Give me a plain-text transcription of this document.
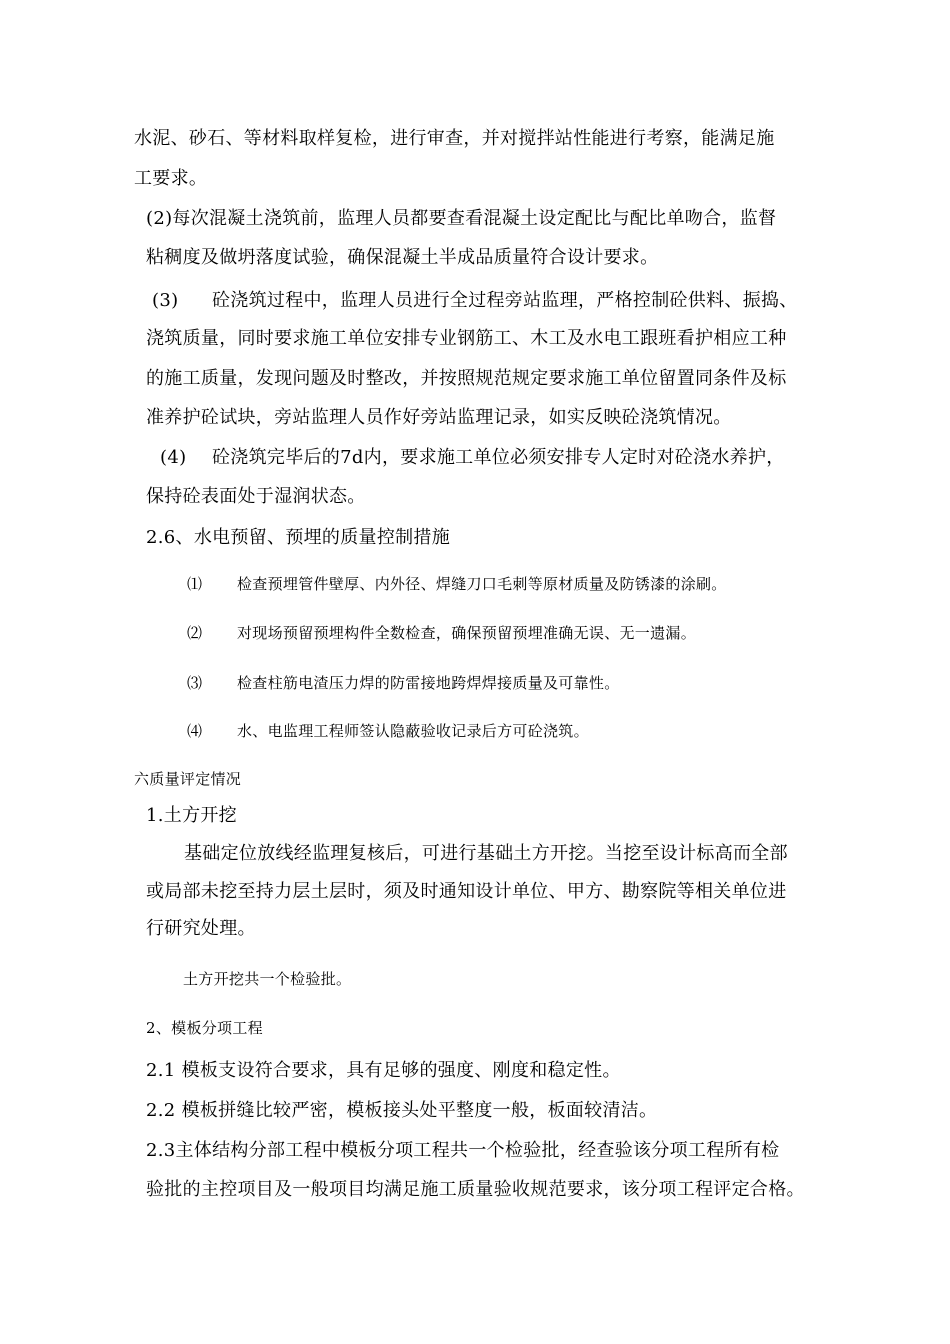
水泥、砂石、等材料取样复检，进行审查，并对搅拌站性能进行考察，能满足施
工要求。
(2)每次混凝土浇筑前，监理人员都要查看混凝土设定配比与配比单吻合，监督
粘稠度及做坍落度试验，确保混凝土半成品质量符合设计要求。
(3) 砼浇筑过程中，监理人员进行全过程旁站监理，严格控制砼供料、振捣、
浇筑质量，同时要求施工单位安排专业钢筋工、木工及水电工跟班看护相应工种
的施工质量，发现问题及时整改，并按照规范规定要求施工单位留置同条件及标
准养护砼试块，旁站监理人员作好旁站监理记录，如实反映砼浇筑情况。
(4) 砼浇筑完毕后的7d内，要求施工单位必须安排专人定时对砼浇水养护，
保持砼表面处于湿润状态。
2.6、水电预留、预埋的质量控制措施
⑴ 检查预埋管件壁厚、内外径、焊缝刀口毛刺等原材质量及防锈漆的涂刷。
⑵ 对现场预留预埋构件全数检查，确保预留预埋准确无误、无一遗漏。
⑶ 检查柱筋电渣压力焊的防雷接地跨焊焊接质量及可靠性。
⑷ 水、电监理工程师签认隐蔽验收记录后方可砼浇筑。
六质量评定情况
1.土方开挖
基础定位放线经监理复核后，可进行基础土方开挖。当挖至设计标高而全部
或局部未挖至持力层土层时，须及时通知设计单位、甲方、勘察院等相关单位进
行研究处理。
土方开挖共一个检验批。
2、模板分项工程
2.1 模板支设符合要求，具有足够的强度、刚度和稳定性。
2.2 模板拼缝比较严密，模板接头处平整度一般，板面较清洁。
2.3主体结构分部工程中模板分项工程共一个检验批，经查验该分项工程所有检
验批的主控项目及一般项目均满足施工质量验收规范要求，该分项工程评定合格。
